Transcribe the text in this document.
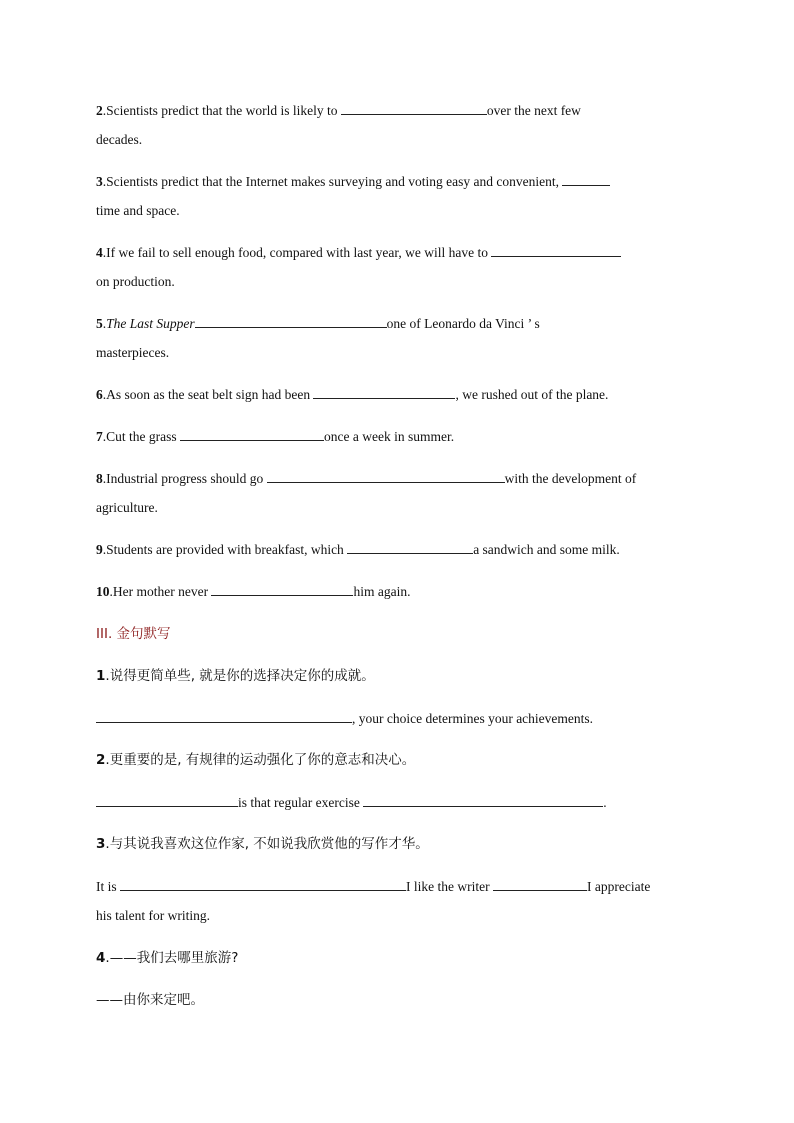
2.Scientists predict that the world is likely to	over the next few
decades.
3.Scientists predict that the Internet makes surveying and voting easy and convenient,
time and space.
4.If we fail to sell enough food, compared with last year, we will have to
on production.
5.The Last Supper	one of Leonardo da Vinci ’ s
masterpieces.
6.As soon as the seat belt sign had been	, we rushed out of the plane.
7.Cut the grass	once a week in summer.
8.Industrial progress should go	with the development of
agriculture.
9.Students are provided with breakfast, which	a sandwich and some milk.
10.Her mother never	him again.
III. 金句默写
1.说得更简单些, 就是你的选择决定你的成就。
, your choice determines your achievements.
2.更重要的是, 有规律的运动强化了你的意志和决心。
is that regular exercise	.
3.与其说我喜欢这位作家, 不如说我欣赏他的写作才华。
It is	I like the writer	I appreciate
his talent for writing.
4.——我们去哪里旅游?
——由你来定吧。
